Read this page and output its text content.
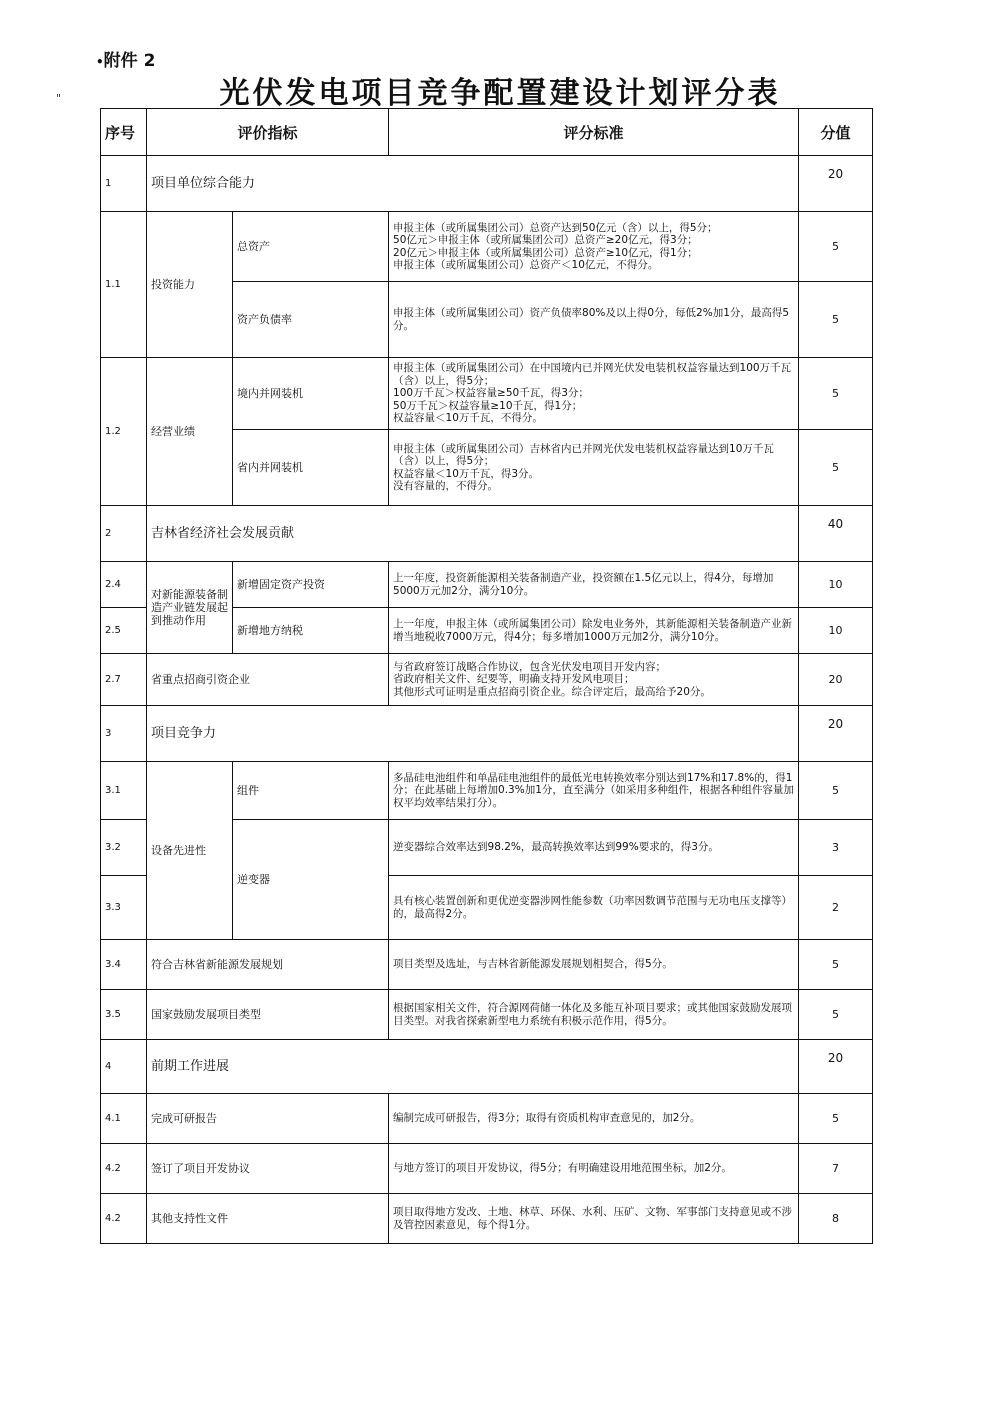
•附件 2
光伏发电项目竞争配置建设计划评分表
"
序号	评价指标		评分标准	分值
1	项目单位综合能力			20
1.1	投资能力	总资产	申报主体（或所属集团公司）总资产达到50亿元（含）以上，得5分；
50亿元＞申报主体（或所属集团公司）总资产≥20亿元，得3分；
20亿元＞申报主体（或所属集团公司）总资产≥10亿元，得1分；
申报主体（或所属集团公司）总资产＜10亿元，不得分。	5
		资产负债率	申报主体（或所属集团公司）资产负债率80%及以上得0分，每低2%加1分，最高得5分。	5
1.2	经营业绩	境内并网装机	申报主体（或所属集团公司）在中国境内已并网光伏发电装机权益容量达到100万千瓦（含）以上，得5分；
100万千瓦＞权益容量≥50千瓦，得3分；
50万千瓦＞权益容量≥10千瓦，得1分；
权益容量＜10万千瓦，不得分。	5
		省内并网装机	申报主体（或所属集团公司）吉林省内已并网光伏发电装机权益容量达到10万千瓦（含）以上，得5分；
权益容量＜10万千瓦，得3分。
没有容量的，不得分。	5
2	吉林省经济社会发展贡献			40
2.4	对新能源装备制造产业链发展起到推动作用	新增固定资产投资	上一年度，投资新能源相关装备制造产业，投资额在1.5亿元以上，得4分，每增加5000万元加2分，满分10分。	10
2.5		新增地方纳税	上一年度，申报主体（或所属集团公司）除发电业务外，其新能源相关装备制造产业新增当地税收7000万元，得4分；每多增加1000万元加2分，满分10分。	10
2.7	省重点招商引资企业		与省政府签订战略合作协议，包含光伏发电项目开发内容；
省政府相关文件、纪要等，明确支持开发风电项目；
其他形式可证明是重点招商引资企业。综合评定后，最高给予20分。	20
3	项目竞争力			20
3.1	设备先进性	组件	多晶硅电池组件和单晶硅电池组件的最低光电转换效率分别达到17%和17.8%的，得1分；在此基础上每增加0.3%加1分，直至满分（如采用多种组件，根据各种组件容量加权平均效率结果打分）。	5
3.2		逆变器	逆变器综合效率达到98.2%，最高转换效率达到99%要求的，得3分。	3
3.3			具有核心装置创新和更优逆变器涉网性能参数（功率因数调节范围与无功电压支撑等）的，最高得2分。	2
3.4	符合吉林省新能源发展规划		项目类型及选址，与吉林省新能源发展规划相契合，得5分。	5
3.5	国家鼓励发展项目类型		根据国家相关文件，符合源网荷储一体化及多能互补项目要求；或其他国家鼓励发展项目类型。对我省探索新型电力系统有积极示范作用，得5分。	5
4	前期工作进展			20
4.1	完成可研报告		编制完成可研报告，得3分；取得有资质机构审查意见的，加2分。	5
4.2	签订了项目开发协议		与地方签订的项目开发协议，得5分；有明确建设用地范围坐标，加2分。	7
4.2	其他支持性文件		项目取得地方发改、土地、林草、环保、水利、压矿、文物、军事部门支持意见或不涉及管控因素意见，每个得1分。	8
